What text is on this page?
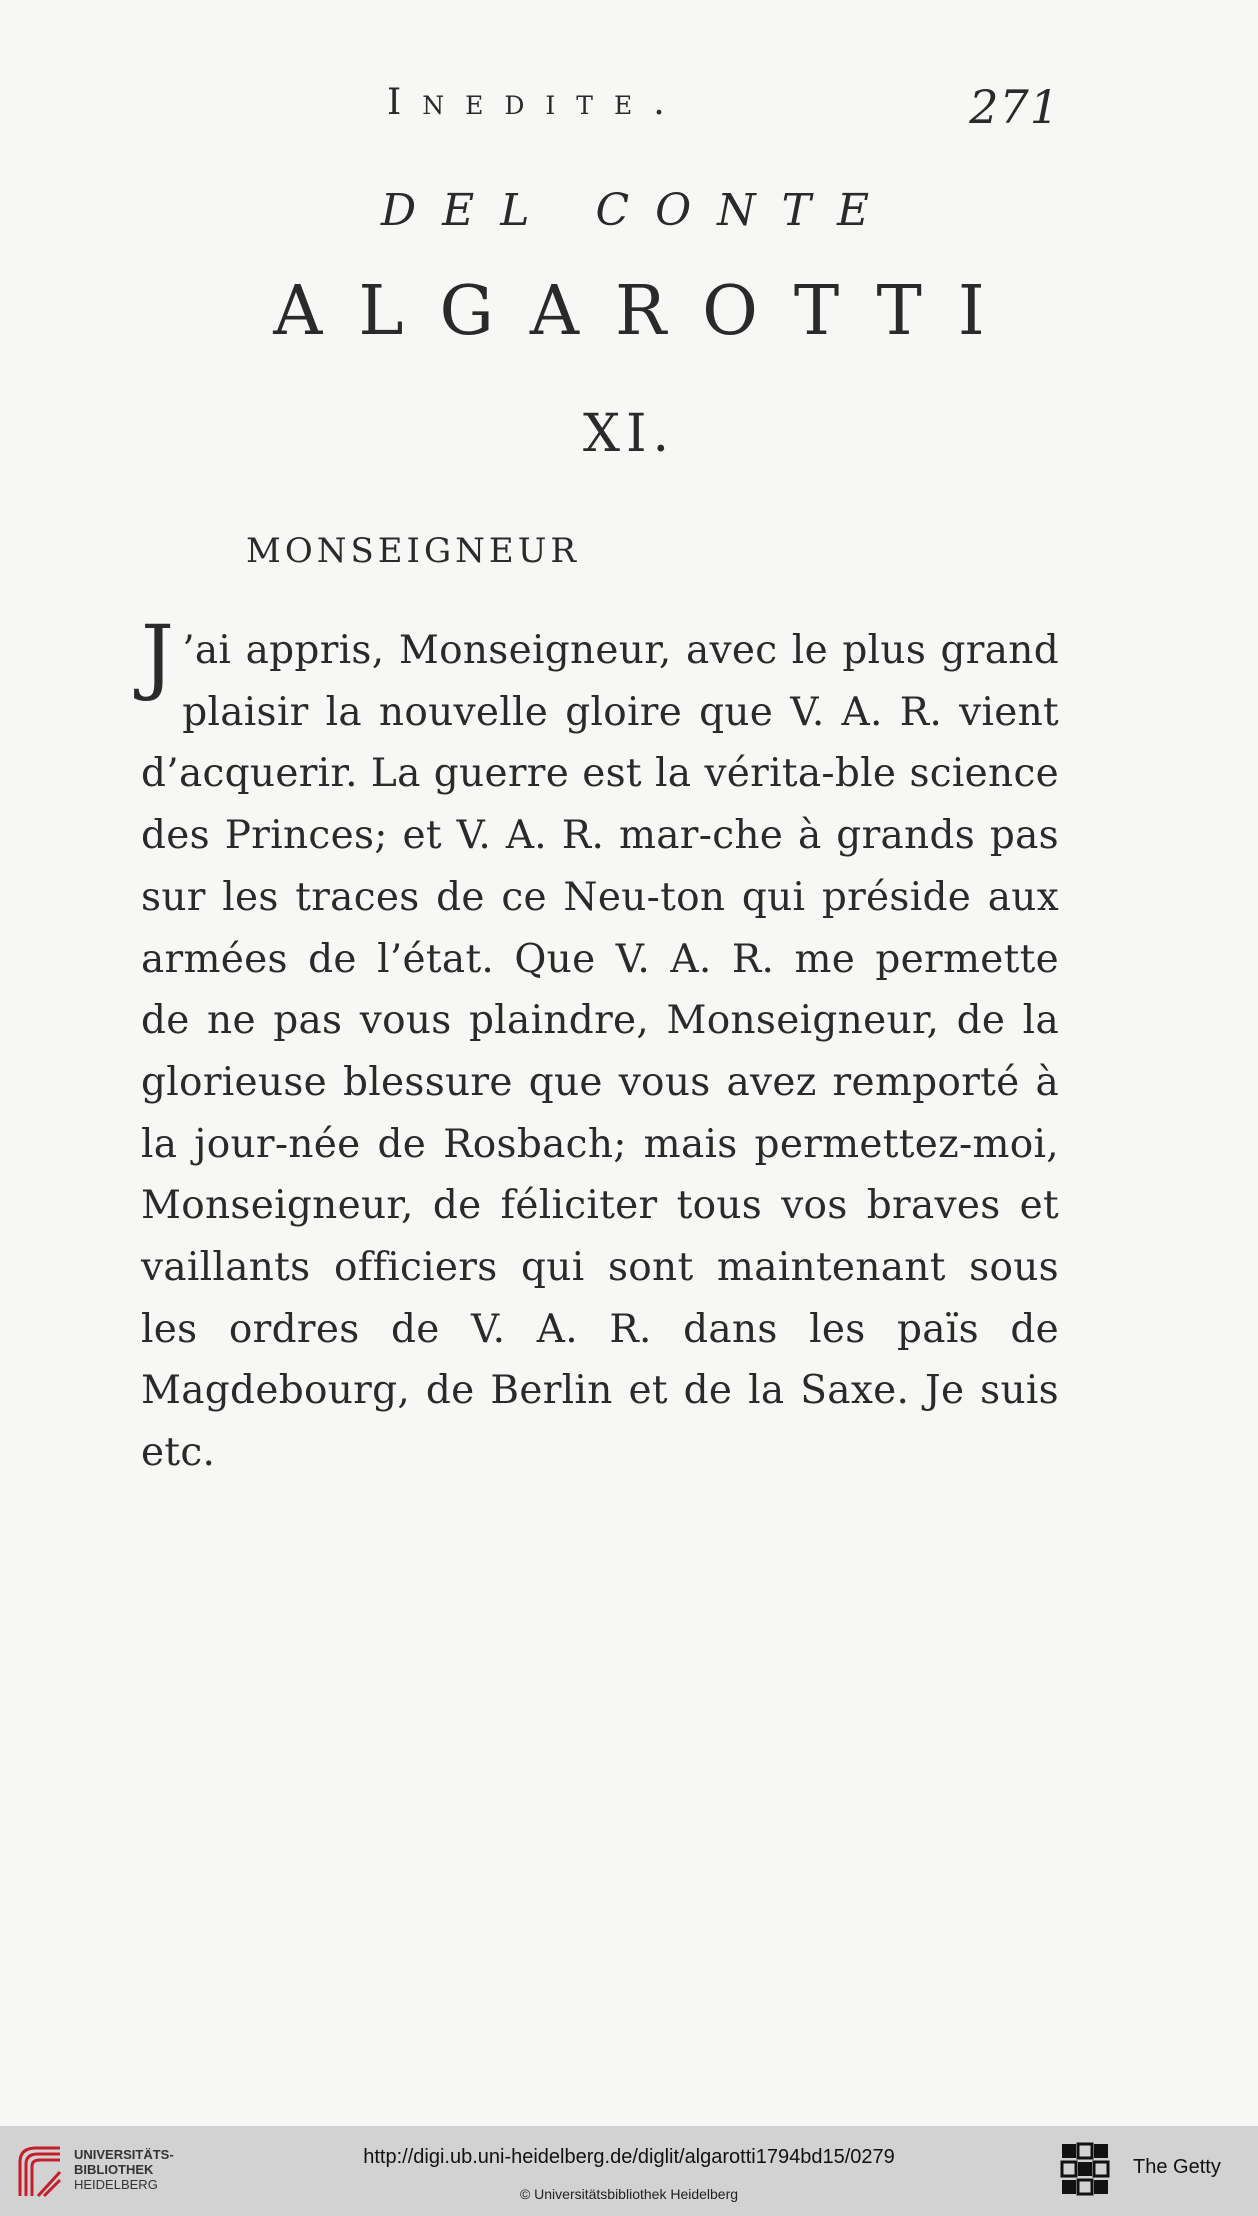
Inedite.	271
DEL CONTE
ALGAROTTI
XI.
MONSEIGNEUR
J ’ai appris, Monseigneur, avec le plus grand plaisir la nouvelle gloire que V. A. R. vient d’acquerir. La guerre est la vérita-ble science des Princes; et V. A. R. mar-che à grands pas sur les traces de ce Neu-ton qui préside aux armées de l’état. Que V. A. R. me permette de ne pas vous plaindre, Monseigneur, de la glorieuse blessure que vous avez remporté à la jour-née de Rosbach; mais permettez-moi, Monseigneur, de féliciter tous vos braves et vaillants officiers qui sont maintenant sous les ordres de V. A. R. dans les païs de Magdebourg, de Berlin et de la Saxe. Je suis etc.
UNIVERSITÄTS-
BIBLIOTHEK
HEIDELBERG
http://digi.ub.uni-heidelberg.de/diglit/algarotti1794bd15/0279
© Universitätsbibliothek Heidelberg
The Getty
